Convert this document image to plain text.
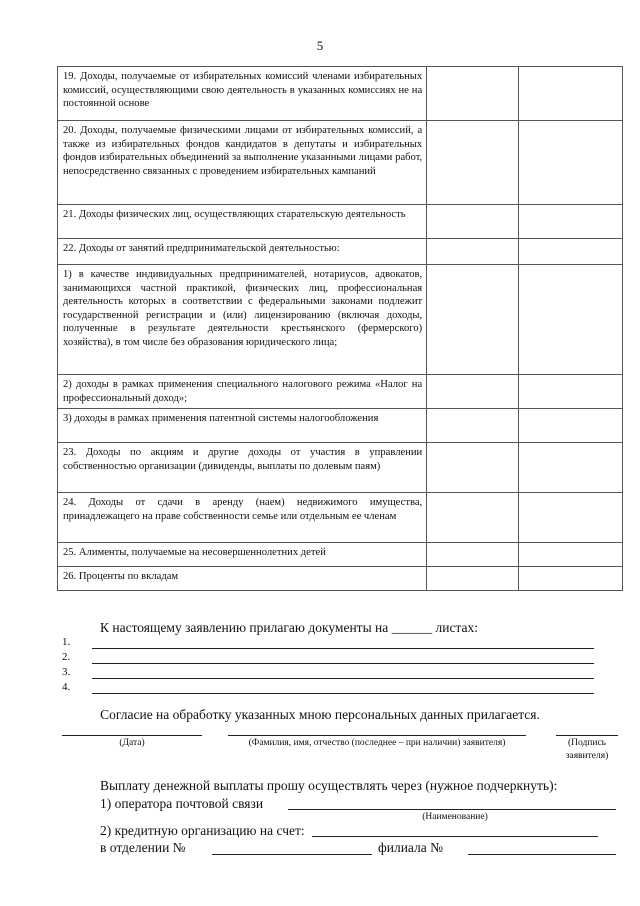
5
19. Доходы, получаемые от избирательных комиссий членами избирательных комиссий, осуществляющими свою деятельность в указанных комиссиях не на постоянной основе		
20. Доходы, получаемые физическими лицами от избирательных комиссий, а также из избирательных фондов кандидатов в депутаты и избирательных фондов избирательных объединений за выполнение указанными лицами работ, непосредственно связанных с проведением избирательных кампаний		
21. Доходы физических лиц, осуществляющих старательскую деятельность		
22. Доходы от занятий предпринимательской деятельностью:		
1) в качестве индивидуальных предпринимателей, нотариусов, адвокатов, занимающихся частной практикой, физических лиц, профессиональная деятельность которых в соответствии с федеральными законами подлежит государственной регистрации и (или) лицензированию (включая доходы, полученные в результате деятельности крестьянского (фермерского) хозяйства), в том числе без образования юридического лица;		
2) доходы в рамках применения специального налогового режима «Налог на профессиональный доход»;		
3) доходы в рамках применения патентной системы налогообложения		
23. Доходы по акциям и другие доходы от участия в управлении собственностью организации (дивиденды, выплаты по долевым паям)		
24. Доходы от сдачи в аренду (наем) недвижимого имущества, принадлежащего на праве собственности семье или отдельным ее членам		
25. Алименты, получаемые на несовершеннолетних детей		
26. Проценты по вкладам		
К настоящему заявлению прилагаю документы на ______ листах:
1.
2.
3.
4.
Согласие на обработку указанных мною персональных данных прилагается.
(Дата)	(Фамилия, имя, отчество (последнее – при наличии) заявителя)	(Подпись
заявителя)
Выплату денежной выплаты прошу осуществлять через (нужное подчеркнуть):
1) оператора почтовой связи
(Наименование)
2) кредитную организацию на счет:
в отделении №	филиала №
